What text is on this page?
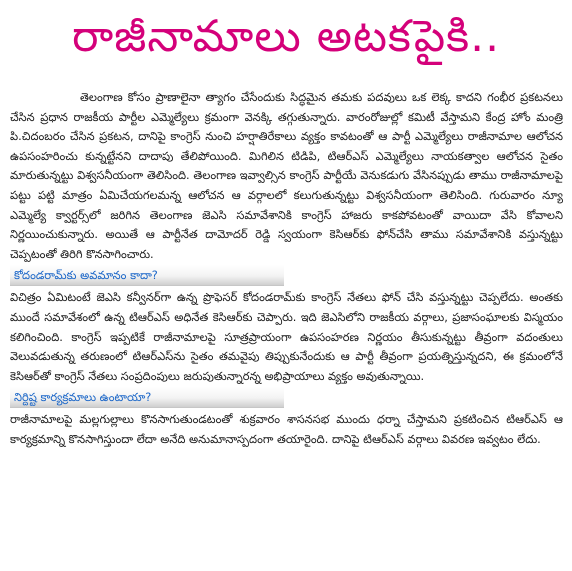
రాజీనామాలు అటకపైకి..

తెలంగాణ కోసం ప్రాణాలైనా త్యాగం చేసేందుకు సిద్ధమైన తమకు పదవులు ఒక లెక్క కాదని గంభీర ప్రకటనలు చేసిన ప్రధాన రాజకీయ పార్టీల ఎమ్మెల్యేలు క్రమంగా వెనక్కి తగ్గుతున్నారు. వారంరోజుల్లో కమిటీ వేస్తామని కేంద్ర హోం మంత్రి పి.చిదంబరం చేసిన ప్రకటన, దానిపై కాంగ్రెస్ నుంచి హర్షాతిరేకాలు వ్యక్తం కావటంతో ఆ పార్టీ ఎమ్మెల్యేలు రాజీనామాల ఆలోచన ఉపసంహరించు కున్నట్టేనని దాదాపు తేలిపోయింది. మిగిలిన టిడిపి, టిఆర్ఎస్ ఎమ్మెల్యేలు నాయకత్వాల ఆలోచన సైతం మారుతున్నట్టు విశ్వసనీయంగా తెలిసింది. తెలంగాణ ఇవ్వాల్సిన కాంగ్రెస్ పార్టీయే వెనుకడుగు వేసినప్పుడు తాము రాజీనామాలపై పట్టు పట్టి మాత్రం ఏమిచేయగలమన్న ఆలోచన ఆ వర్గాలలో కలుగుతున్నట్టు విశ్వసనీయంగా తెలిసింది. గురువారం న్యూ ఎమ్మెల్యే క్వార్టర్స్‌లో జరిగిన తెలంగాణ జెఎసి సమావేశానికి కాంగ్రెస్ హాజరు కాకపోవటంతో వాయిదా వేసి కోవాలని నిర్ణయించుకున్నారు. అయితే ఆ పార్టీనేత దామోదర్ రెడ్డి స్వయంగా కెసిఆర్‌కు ఫోన్‌చేసి తాము సమావేశానికి వస్తున్నట్టు చెప్పటంతో తిరిగి కొనసాగించారు.

కోదండరామ్‌కు అవమానం కాదా?

విచిత్రం ఏమిటంటే జెఎసి కన్వీనర్‌గా ఉన్న ప్రొఫెసర్ కోదండరామ్‌కు కాంగ్రెస్ నేతలు ఫోన్ చేసి వస్తున్నట్టు చెప్పలేదు. అంతకు ముందే సమావేశంలో ఉన్న టిఆర్ఎస్ అధినేత కెసిఆర్‌కు చెప్పారు. ఇది జెఎసిలోని రాజకీయ వర్గాలు, ప్రజాసంఘాలకు విస్మయం కలిగించింది. కాంగ్రెస్ ఇప్పటికే రాజీనామాలపై సూత్రప్రాయంగా ఉపసంహరణ నిర్ణయం తీసుకున్నట్టు తీవ్రంగా వదంతులు వెలువడుతున్న తరుణంలో టిఆర్ఎస్‌ను సైతం తమవైపు తిప్పుకునేందుకు ఆ పార్టీ తీవ్రంగా ప్రయత్నిస్తున్నదని, ఈ క్రమంలోనే కెసిఆర్‌తో కాంగ్రెస్ నేతలు సంప్రదింపులు జరుపుతున్నారన్న అభిప్రాయాలు వ్యక్తం అవుతున్నాయి.

నిర్దిష్ట కార్యక్రమాలు ఉంటాయా?

రాజీనామాలపై మల్లగుల్లాలు కొనసాగుతుండటంతో శుక్రవారం శాసనసభ ముందు ధర్నా చేస్తామని ప్రకటించిన టిఆర్ఎస్ ఆ కార్యక్రమాన్ని కొనసాగిస్తుందా లేదా అనేది అనుమానాస్పదంగా తయారైంది. దానిపై టిఆర్ఎస్ వర్గాలు వివరణ ఇవ్వటం లేదు.
